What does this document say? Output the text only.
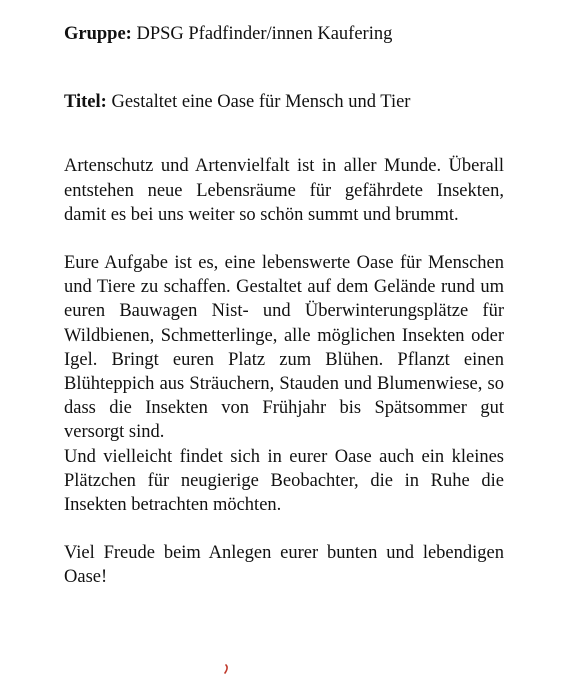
Gruppe: DPSG Pfadfinder/innen Kaufering

Titel: Gestaltet eine Oase für Mensch und Tier

Artenschutz und Artenvielfalt ist in aller Munde. Überall entstehen neue Lebensräume für gefährdete Insekten, damit es bei uns weiter so schön summt und brummt.

Eure Aufgabe ist es, eine lebenswerte Oase für Menschen und Tiere zu schaffen. Gestaltet auf dem Gelände rund um euren Bauwagen Nist- und Überwinterungsplätze für Wildbienen, Schmetterlinge, alle möglichen Insekten oder Igel. Bringt euren Platz zum Blühen. Pflanzt einen Blühteppich aus Sträuchern, Stauden und Blumenwiese, so dass die Insekten von Frühjahr bis Spätsommer gut versorgt sind.

Und vielleicht findet sich in eurer Oase auch ein kleines Plätzchen für neugierige Beobachter, die in Ruhe die Insekten betrachten möchten.

Viel Freude beim Anlegen eurer bunten und lebendigen Oase!
